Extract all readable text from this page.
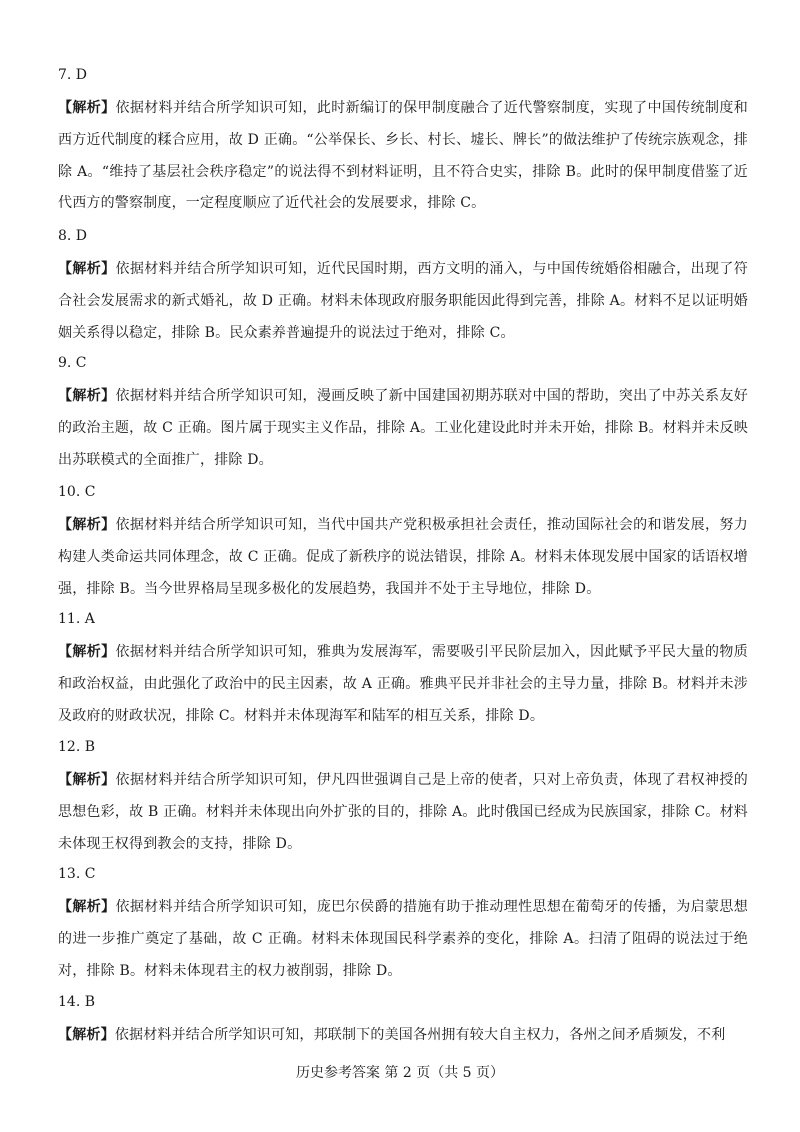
7. D
【解析】依据材料并结合所学知识可知，此时新编订的保甲制度融合了近代警察制度，实现了中国传统制度和西方近代制度的糅合应用，故 D 正确。“公举保长、乡长、村长、墟长、牌长”的做法维护了传统宗族观念，排除 A。“维持了基层社会秩序稳定”的说法得不到材料证明，且不符合史实，排除 B。此时的保甲制度借鉴了近代西方的警察制度，一定程度顺应了近代社会的发展要求，排除 C。
8. D
【解析】依据材料并结合所学知识可知，近代民国时期，西方文明的涌入，与中国传统婚俗相融合，出现了符合社会发展需求的新式婚礼，故 D 正确。材料未体现政府服务职能因此得到完善，排除 A。材料不足以证明婚姻关系得以稳定，排除 B。民众素养普遍提升的说法过于绝对，排除 C。
9. C
【解析】依据材料并结合所学知识可知，漫画反映了新中国建国初期苏联对中国的帮助，突出了中苏关系友好的政治主题，故 C 正确。图片属于现实主义作品，排除 A。工业化建设此时并未开始，排除 B。材料并未反映出苏联模式的全面推广，排除 D。
10. C
【解析】依据材料并结合所学知识可知，当代中国共产党积极承担社会责任，推动国际社会的和谐发展，努力构建人类命运共同体理念，故 C 正确。促成了新秩序的说法错误，排除 A。材料未体现发展中国家的话语权增强，排除 B。当今世界格局呈现多极化的发展趋势，我国并不处于主导地位，排除 D。
11. A
【解析】依据材料并结合所学知识可知，雅典为发展海军，需要吸引平民阶层加入，因此赋予平民大量的物质和政治权益，由此强化了政治中的民主因素，故 A 正确。雅典平民并非社会的主导力量，排除 B。材料并未涉及政府的财政状况，排除 C。材料并未体现海军和陆军的相互关系，排除 D。
12. B
【解析】依据材料并结合所学知识可知，伊凡四世强调自己是上帝的使者，只对上帝负责，体现了君权神授的思想色彩，故 B 正确。材料并未体现出向外扩张的目的，排除 A。此时俄国已经成为民族国家，排除 C。材料未体现王权得到教会的支持，排除 D。
13. C
【解析】依据材料并结合所学知识可知，庞巴尔侯爵的措施有助于推动理性思想在葡萄牙的传播，为启蒙思想的进一步推广奠定了基础，故 C 正确。材料未体现国民科学素养的变化，排除 A。扫清了阻碍的说法过于绝对，排除 B。材料未体现君主的权力被削弱，排除 D。
14. B
【解析】依据材料并结合所学知识可知，邦联制下的美国各州拥有较大自主权力，各州之间矛盾频发，不利
历史参考答案 第 2 页（共 5 页）
